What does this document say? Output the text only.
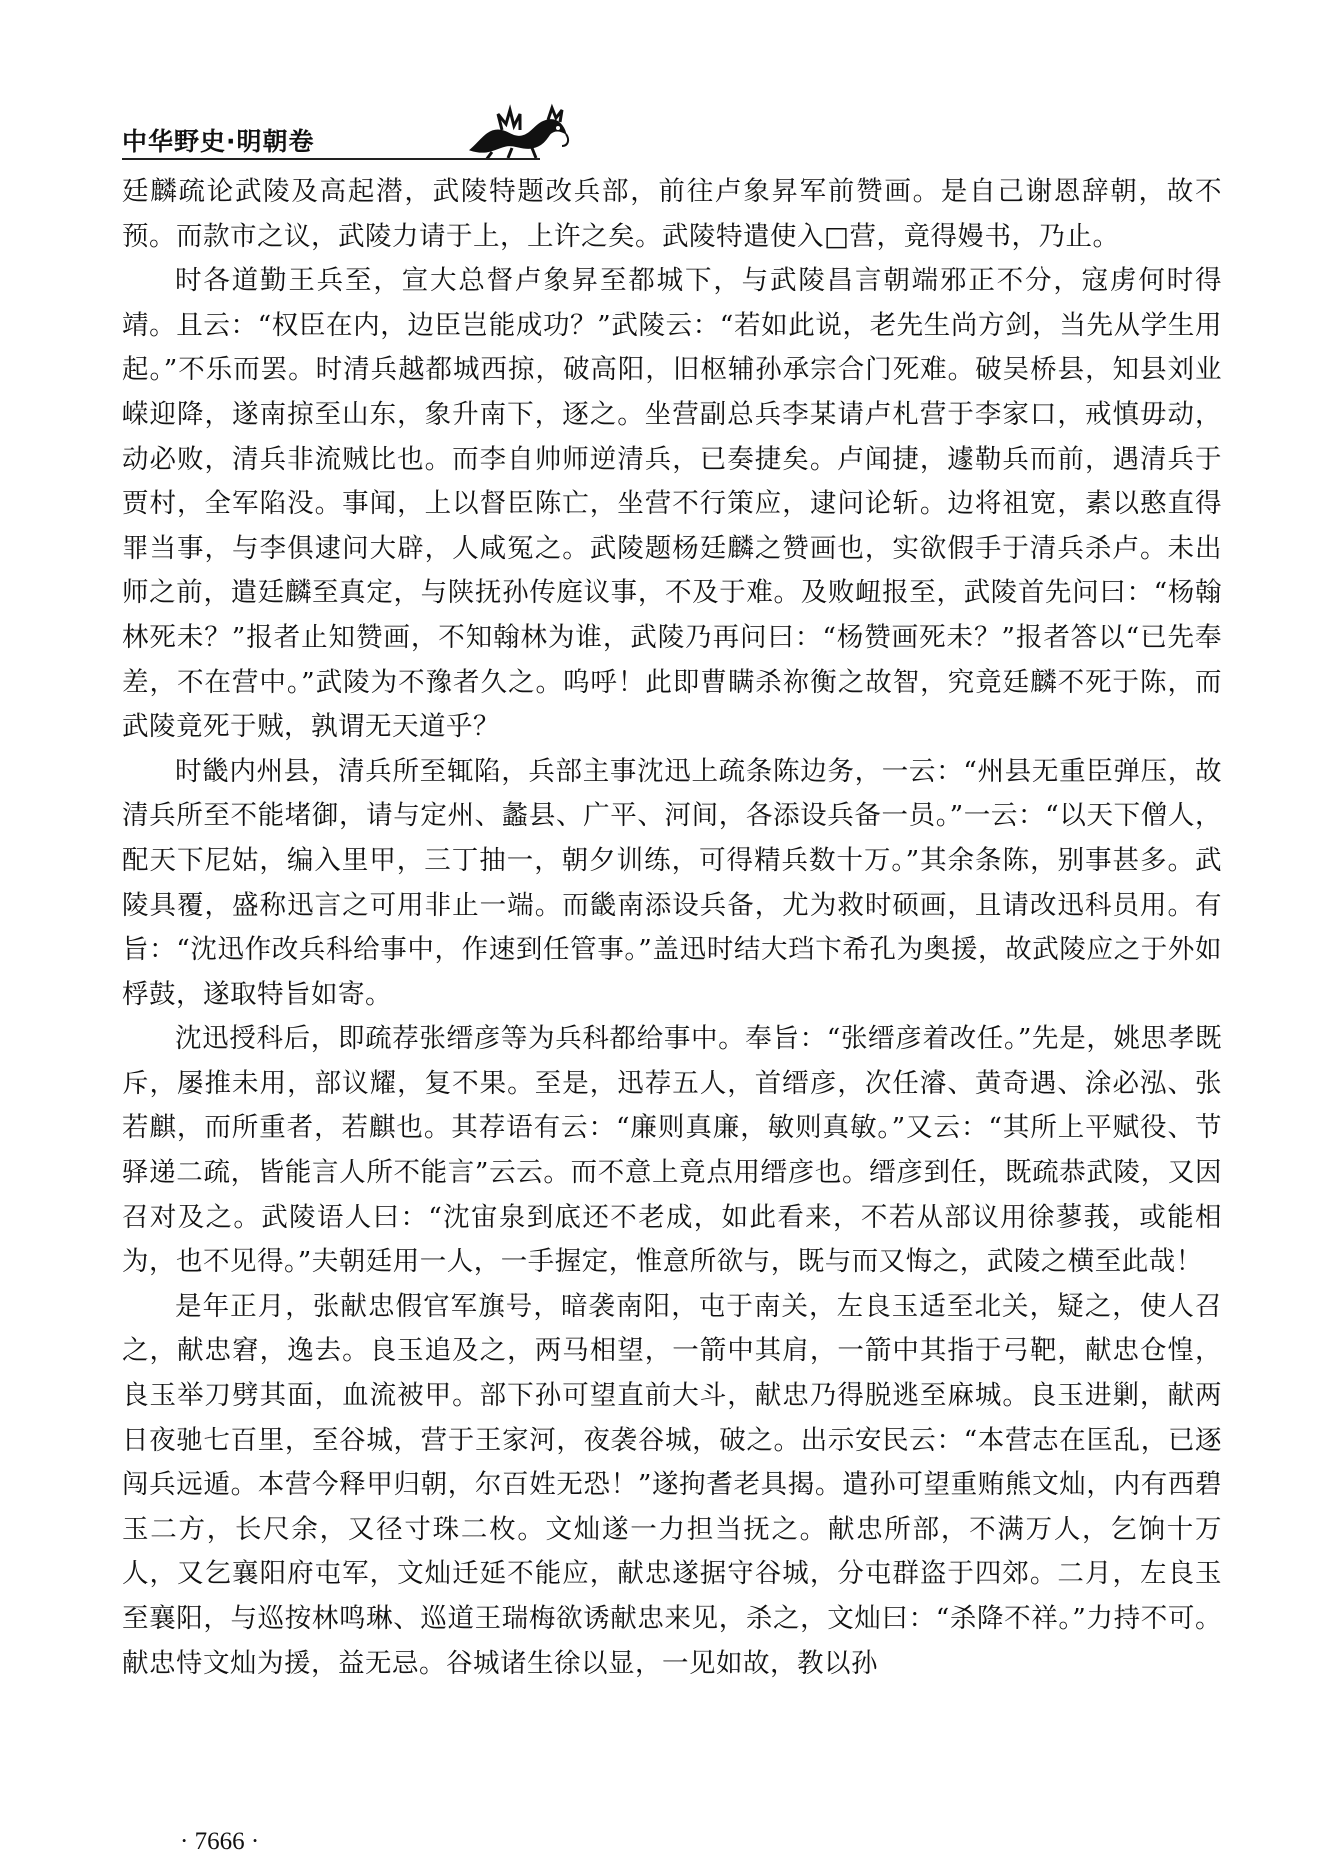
中华野史·明朝卷

廷麟疏论武陵及高起潜，武陵特题改兵部，前往卢象昇军前赞画。是自己谢恩辞朝，故不预。而款市之议，武陵力请于上，上许之矣。武陵特遣使入□营，竟得嫚书，乃止。

时各道勤王兵至，宣大总督卢象昇至都城下，与武陵昌言朝端邪正不分，寇虏何时得靖。且云：“权臣在内，边臣岂能成功？”武陵云：“若如此说，老先生尚方剑，当先从学生用起。”不乐而罢。时清兵越都城西掠，破高阳，旧枢辅孙承宗合门死难。破吴桥县，知县刘业嵘迎降，遂南掠至山东，象升南下，逐之。坐营副总兵李某请卢札营于李家口，戒慎毋动，动必败，清兵非流贼比也。而李自帅师逆清兵，已奏捷矣。卢闻捷，遽勒兵而前，遇清兵于贾村，全军陷没。事闻，上以督臣陈亡，坐营不行策应，逮问论斩。边将祖宽，素以憨直得罪当事，与李俱逮问大辟，人咸冤之。武陵题杨廷麟之赞画也，实欲假手于清兵杀卢。未出师之前，遣廷麟至真定，与陕抚孙传庭议事，不及于难。及败衄报至，武陵首先问曰：“杨翰林死未？”报者止知赞画，不知翰林为谁，武陵乃再问曰：“杨赞画死未？”报者答以“已先奉差，不在营中。”武陵为不豫者久之。呜呼！此即曹瞒杀祢衡之故智，究竟廷麟不死于陈，而武陵竟死于贼，孰谓无天道乎？

时畿内州县，清兵所至辄陷，兵部主事沈迅上疏条陈边务，一云：“州县无重臣弹压，故清兵所至不能堵御，请与定州、蠡县、广平、河间，各添设兵备一员。”一云：“以天下僧人，配天下尼姑，编入里甲，三丁抽一，朝夕训练，可得精兵数十万。”其余条陈，别事甚多。武陵具覆，盛称迅言之可用非止一端。而畿南添设兵备，尤为救时硕画，且请改迅科员用。有旨：“沈迅作改兵科给事中，作速到任管事。”盖迅时结大珰卞希孔为奥援，故武陵应之于外如桴鼓，遂取特旨如寄。

沈迅授科后，即疏荐张缙彦等为兵科都给事中。奉旨：“张缙彦着改任。”先是，姚思孝既斥，屡推未用，部议耀，复不果。至是，迅荐五人，首缙彦，次任濬、黄奇遇、涂必泓、张若麒，而所重者，若麒也。其荐语有云：“廉则真廉，敏则真敏。”又云：“其所上平赋役、节驿递二疏，皆能言人所不能言”云云。而不意上竟点用缙彦也。缙彦到任，既疏恭武陵，又因召对及之。武陵语人曰：“沈宙泉到底还不老成，如此看来，不若从部议用徐蓼莪，或能相为，也不见得。”夫朝廷用一人，一手握定，惟意所欲与，既与而又悔之，武陵之横至此哉！

是年正月，张献忠假官军旗号，暗袭南阳，屯于南关，左良玉适至北关，疑之，使人召之，献忠窘，逸去。良玉追及之，两马相望，一箭中其肩，一箭中其指于弓靶，献忠仓惶，良玉举刀劈其面，血流被甲。部下孙可望直前大斗，献忠乃得脱逃至麻城。良玉进剿，献两日夜驰七百里，至谷城，营于王家河，夜袭谷城，破之。出示安民云：“本营志在匡乱，已逐闯兵远遁。本营今释甲归朝，尔百姓无恐！”遂拘耆老具揭。遣孙可望重贿熊文灿，内有西碧玉二方，长尺余，又径寸珠二枚。文灿遂一力担当抚之。献忠所部，不满万人，乞饷十万人，又乞襄阳府屯军，文灿迁延不能应，献忠遂据守谷城，分屯群盗于四郊。二月，左良玉至襄阳，与巡按林鸣琳、巡道王瑞梅欲诱献忠来见，杀之，文灿曰：“杀降不祥。”力持不可。献忠恃文灿为援，益无忌。谷城诸生徐以显，一见如故，教以孙

· 7666 ·
